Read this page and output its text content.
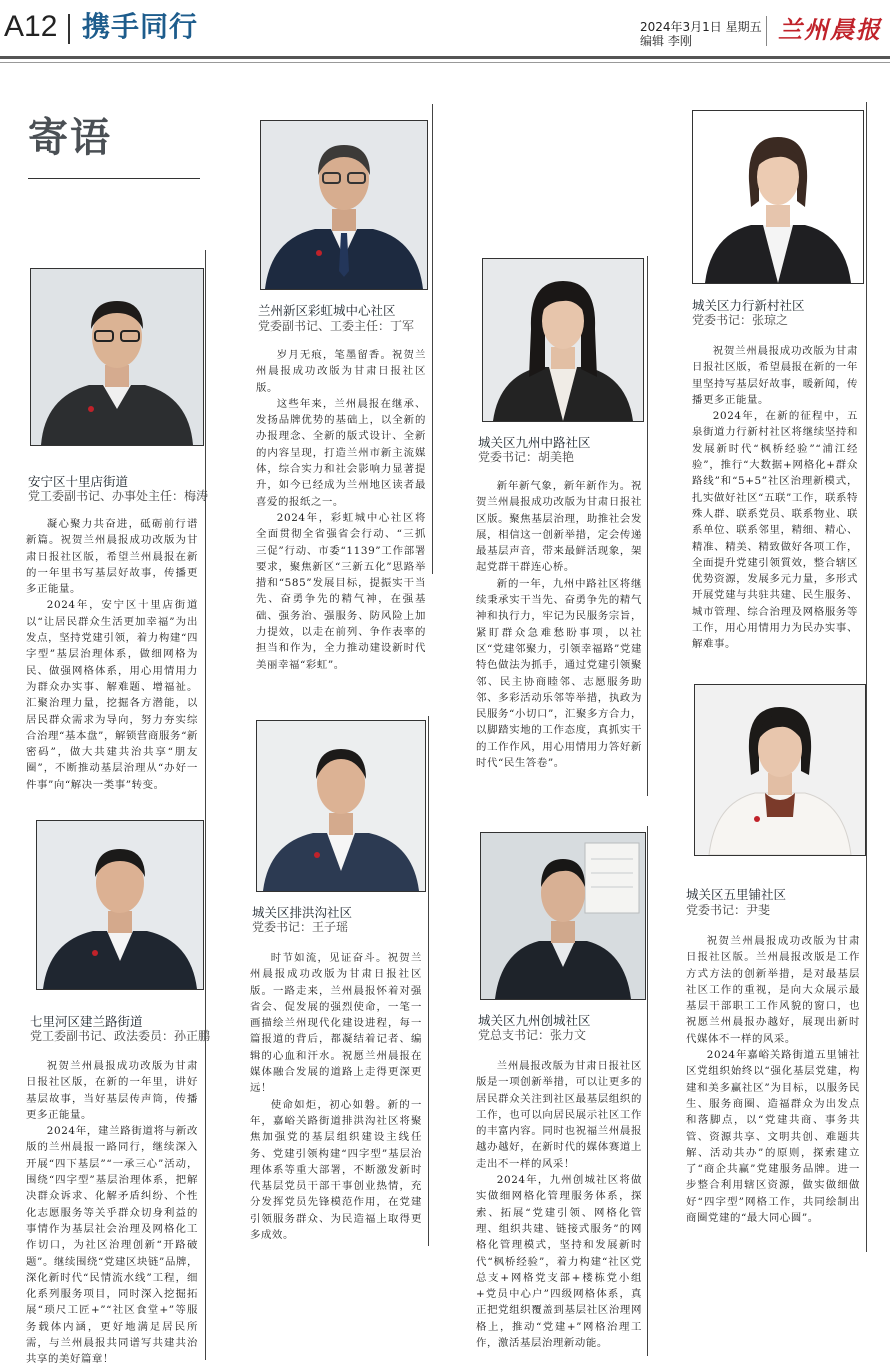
A12 携手同行	2024年3月1日 星期五
编辑 李刚	兰州晨报
寄语
安宁区十里店街道
党工委副书记、办事处主任：梅涛

凝心聚力共奋进，砥砺前行谱新篇。祝贺兰州晨报成功改版为甘肃日报社区版，希望兰州晨报在新的一年里书写基层好故事，传播更多正能量。

2024年，安宁区十里店街道以“让居民群众生活更加幸福”为出发点，坚持党建引领，着力构建“四字型”基层治理体系，做细网格为民、做强网格体系，用心用情用力为群众办实事、解难题、增福祉。汇聚治理力量，挖掘各方潜能，以居民群众需求为导向，努力夯实综合治理“基本盘”，解锁营商服务“新密码”，做大共建共治共享“朋友圈”，不断推动基层治理从“办好一件事”向“解决一类事”转变。

七里河区建兰路街道
党工委副书记、政法委员：孙正鹏

祝贺兰州晨报成功改版为甘肃日报社区版，在新的一年里，讲好基层故事，当好基层传声筒，传播更多正能量。

2024年，建兰路街道将与新改版的兰州晨报一路同行，继续深入开展“四下基层”“一承三心”活动，围绕“四字型”基层治理体系，把解决群众诉求、化解矛盾纠纷、个性化志愿服务等关乎群众切身利益的事情作为基层社会治理及网格化工作切口，为社区治理创新“开路破题”。继续围绕“党建区块链”品牌，深化新时代“民情流水线”工程，细化系列服务项目，同时深入挖掘拓展“琐尺工匠+”“社区食堂+”等服务载体内涵，更好地满足居民所需，与兰州晨报共同谱写共建共治共享的美好篇章！

兰州新区彩虹城中心社区
党委副书记、工委主任：丁军

岁月无痕，笔墨留香。祝贺兰州晨报成功改版为甘肃日报社区版。

这些年来，兰州晨报在继承、发扬品牌优势的基础上，以全新的办报理念、全新的版式设计、全新的内容呈现，打造兰州市新主流媒体，综合实力和社会影响力显著提升，如今已经成为兰州地区读者最喜爱的报纸之一。

2024年，彩虹城中心社区将全面贯彻全省强省会行动、“三抓三促”行动、市委“1139”工作部署要求，聚焦新区“三新五化”思路举措和“585”发展目标，提振实干当先、奋勇争先的精气神，在强基础、强务治、强服务、防风险上加力提效，以走在前列、争作表率的担当和作为，全力推动建设新时代美丽幸福“彩虹”。

城关区排洪沟社区
党委书记：王子瑶

时节如流，见证奋斗。祝贺兰州晨报成功改版为甘肃日报社区版。一路走来，兰州晨报怀着对强省会、促发展的强烈使命，一笔一画描绘兰州现代化建设进程，每一篇报道的背后，都凝结着记者、编辑的心血和汗水。祝愿兰州晨报在媒体融合发展的道路上走得更深更远！

使命如炬，初心如磐。新的一年，嘉峪关路街道排洪沟社区将聚焦加强党的基层组织建设主线任务、党建引领构建“四字型”基层治理体系等重大部署，不断激发新时代基层党员干部干事创业热情，充分发挥党员先锋模范作用，在党建引领服务群众、为民造福上取得更多成效。

城关区九州中路社区
党委书记：胡美艳

新年新气象，新年新作为。祝贺兰州晨报成功改版为甘肃日报社区版。聚焦基层治理，助推社会发展，相信这一创新举措，定会传递最基层声音，带来最鲜活现象，架起党群干群连心桥。

新的一年，九州中路社区将继续秉承实干当先、奋勇争先的精气神和执行力，牢记为民服务宗旨，紧盯群众急难愁盼事项，以社区“党建邻聚力，引领幸福路”党建特色做法为抓手，通过党建引领聚邻、民主协商睦邻、志愿服务助邻、多彩活动乐邻等举措，执政为民服务“小切口”，汇聚多方合力，以脚踏实地的工作态度，真抓实干的工作作风，用心用情用力答好新时代“民生答卷”。

城关区九州创城社区
党总支书记：张力文

兰州晨报改版为甘肃日报社区版是一项创新举措，可以让更多的居民群众关注到社区最基层组织的工作，也可以向居民展示社区工作的丰富内容。同时也祝福兰州晨报越办越好，在新时代的媒体赛道上走出不一样的风采！

2024年，九州创城社区将做实做细网格化管理服务体系，探索、拓展“党建引领、网格化管理、组织共建、链接式服务”的网格化管理模式，坚持和发展新时代“枫桥经验”，着力构建“社区党总支+网格党支部+楼栋党小组+党员中心户”四级网格体系，真正把党组织覆盖到基层社区治理网格上，推动“党建+”网格治理工作，激活基层治理新动能。

城关区力行新村社区
党委书记：张琼之

祝贺兰州晨报成功改版为甘肃日报社区版，希望晨报在新的一年里坚持写基层好故事，暖新闻，传播更多正能量。

2024年，在新的征程中，五泉街道力行新村社区将继续坚持和发展新时代“枫桥经验”“浦江经验”，推行“大数据+网格化+群众路线”和“5+5”社区治理新模式，扎实做好社区“五联”工作，联系特殊人群、联系党员、联系物业、联系单位、联系邻里，精细、精心、精准、精美、精致做好各项工作，全面提升党建引领質效，整合辖区优势资源，发展多元力量，多形式开展党建与共驻共建、民生服务、城市管理、综合治理及网格服务等工作，用心用情用力为民办实事、解难事。

城关区五里铺社区
党委书记：尹斐

祝贺兰州晨报成功改版为甘肃日报社区版。兰州晨报改版是工作方式方法的创新举措，是对最基层社区工作的重视，是向大众展示最基层干部职工工作风貌的窗口，也祝愿兰州晨报办越好，展现出新时代媒体不一样的风采。

2024年嘉峪关路街道五里铺社区党组织始终以“强化基层党建，构建和美多赢社区”为目标，以服务民生、服务商圈、造福群众为出发点和落脚点，以“党建共商、事务共管、资源共享、文明共创、难题共解、活动共办”的原则，探索建立了“商企共赢”党建服务品牌。进一步整合利用辖区资源，做实做细做好“四字型”网格工作，共同绘制出商圈党建的“最大同心圆”。
